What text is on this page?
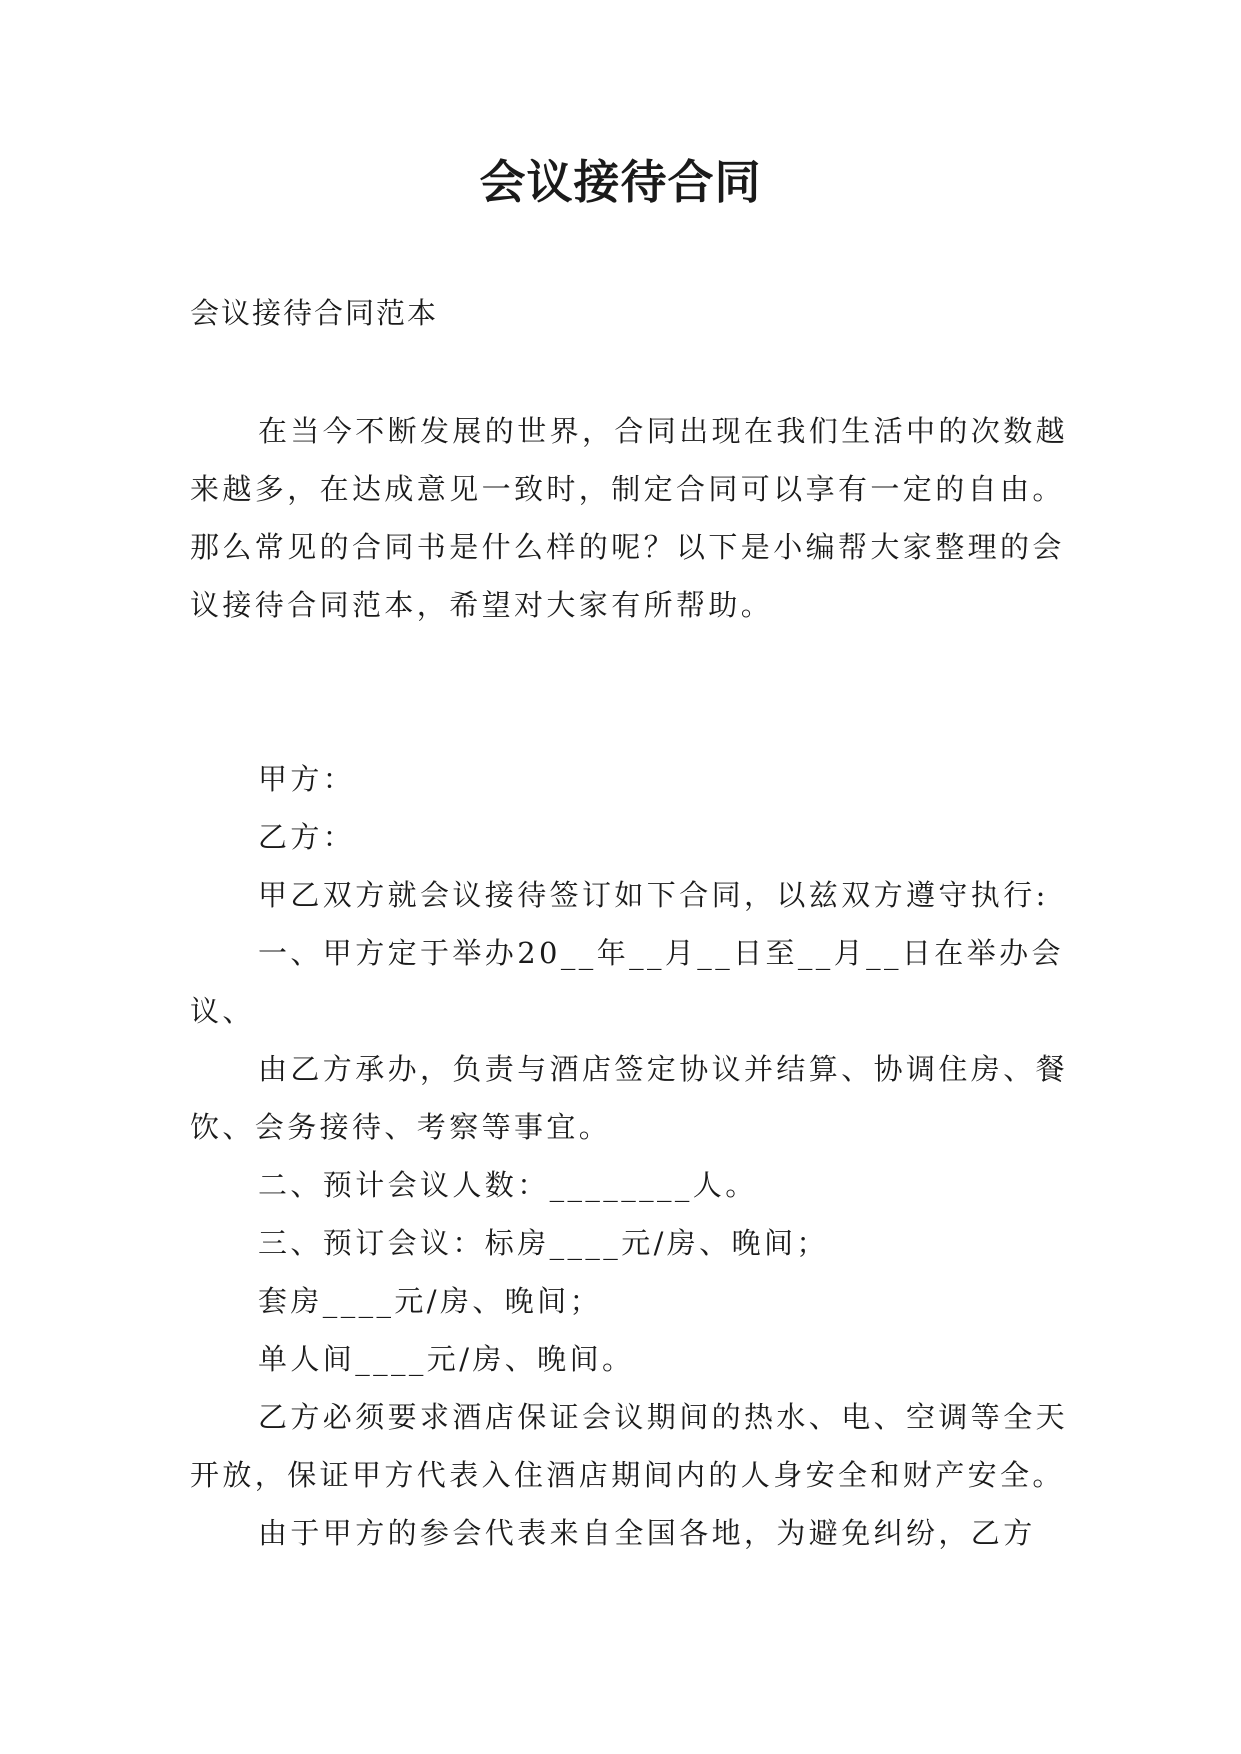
会议接待合同
会议接待合同范本

在当今不断发展的世界，合同出现在我们生活中的次数越来越多，在达成意见一致时，制定合同可以享有一定的自由。那么常见的合同书是什么样的呢？以下是小编帮大家整理的会议接待合同范本，希望对大家有所帮助。

甲方：

乙方：

甲乙双方就会议接待签订如下合同，以兹双方遵守执行:

一、甲方定于举办20__年__月__日至__月__日在举办会议、

由乙方承办，负责与酒店签定协议并结算、协调住房、餐饮、会务接待、考察等事宜。

二、预计会议人数：________人。

三、预订会议：标房____元/房、晚间；

套房____元/房、晚间；

单人间____元/房、晚间。

乙方必须要求酒店保证会议期间的热水、电、空调等全天开放，保证甲方代表入住酒店期间内的人身安全和财产安全。

由于甲方的参会代表来自全国各地，为避免纠纷，乙方
